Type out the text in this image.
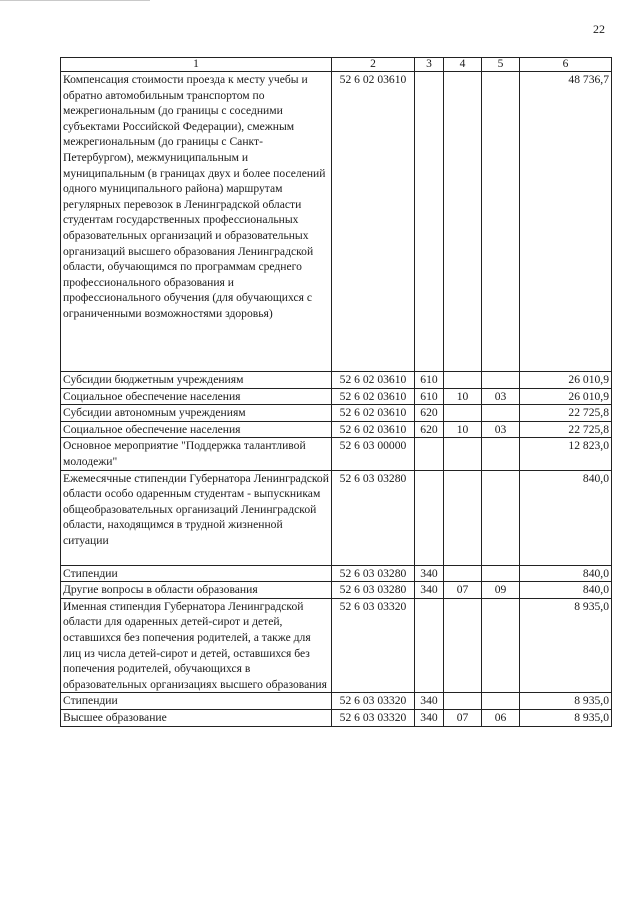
22
1	2	3	4	5	6
Компенсация стоимости проезда к месту учебы и обратно автомобильным транспортом по межрегиональным (до границы с соседними субъектами Российской Федерации), смежным межрегиональным (до границы с Санкт-Петербургом), межмуниципальным и муниципальным (в границах двух и более поселений одного муниципального района) маршрутам регулярных перевозок в Ленинградской области студентам государственных профессиональных образовательных организаций и образовательных организаций высшего образования Ленинградской области, обучающимся по программам среднего профессионального образования и профессионального обучения (для обучающихся с ограниченными возможностями здоровья)	52 6 02 03610				48 736,7
Субсидии бюджетным учреждениям	52 6 02 03610	610			26 010,9
Социальное обеспечение населения	52 6 02 03610	610	10	03	26 010,9
Субсидии автономным учреждениям	52 6 02 03610	620			22 725,8
Социальное обеспечение населения	52 6 02 03610	620	10	03	22 725,8
Основное мероприятие "Поддержка талантливой молодежи"	52 6 03 00000				12 823,0
Ежемесячные стипендии Губернатора Ленинградской области особо одаренным студентам - выпускникам общеобразовательных организаций Ленинградской области, находящимся в трудной жизненной ситуации	52 6 03 03280				840,0
Стипендии	52 6 03 03280	340			840,0
Другие вопросы в области образования	52 6 03 03280	340	07	09	840,0
Именная стипендия Губернатора Ленинградской области для одаренных детей-сирот и детей, оставшихся без попечения родителей, а также для лиц из числа детей-сирот и детей, оставшихся без попечения родителей, обучающихся в образовательных организациях высшего образования	52 6 03 03320				8 935,0
Стипендии	52 6 03 03320	340			8 935,0
Высшее образование	52 6 03 03320	340	07	06	8 935,0
